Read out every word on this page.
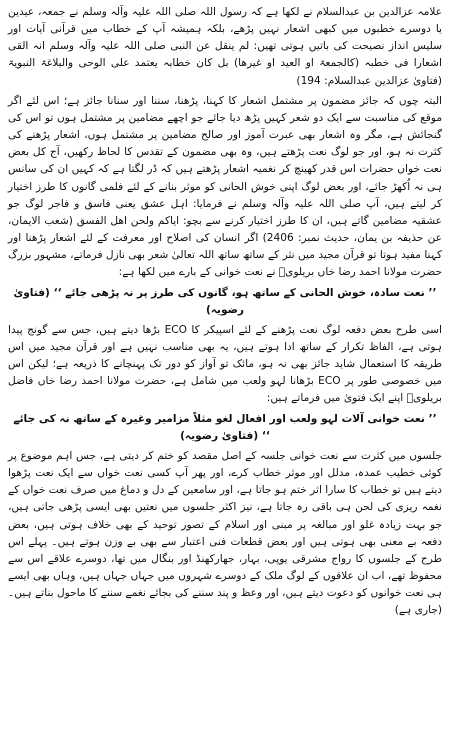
علامہ عزالدین بن عبدالسلام نے لکھا ہے کہ رسول اللہ صلی اللہ علیہ وآلہ وسلم نے جمعہ، عیدین یا دوسرے خطبوں میں کبھی اشعار نہیں پڑھے، بلکہ ہمیشہ آپ کے خطاب میں قرآنی آیات اور سلیس انداز نصیحت کی باتیں ہوتی تھیں: لم ینقل عن النبی صلی اللہ علیہ وآلہ وسلم انہ القی اشعارا فی خطبہ (کالجمعۃ او العید او غیرھا) بل کان خطابہ یعتمد علی الوحی والبلاغۃ النبویۃ (فتاویٰ عزالدین عبدالسلام: 194)

البتہ چوں کہ جائز مضمون پر مشتمل اشعار کا کہنا، پڑھنا، سننا اور سنانا جائز ہے؛ اس لئے اگر موقع کی مناسبت سے ایک دو شعر کہیں پڑھ دیا جائے جو اچھے مضامین پر مشتمل ہوں تو اس کی گنجائش ہے، مگر وہ اشعار بھی عبرت آموز اور صالح مضامین پر مشتمل ہوں، اشعار پڑھنے کی کثرت نہ ہو، اور جو لوگ نعت پڑھتے ہیں، وہ بھی مضمون کے تقدس کا لحاظ رکھیں، آج کل بعض نعت خواں حضرات اس قدر کھینچ کر نغمیہ اشعار پڑھتے ہیں کہ ڈر لگتا ہے کہ کہیں ان کی سانس ہی نہ اُکھڑ جائے، اور بعض لوگ اپنی خوش الحانی کو موثر بنانے کے لئے فلمی گانوں کا طرز اختیار کر لیتے ہیں، آپ صلی اللہ علیہ وآلہ وسلم نے فرمایا: اہل عشق یعنی فاسق و فاجر لوگ جو عشقیہ مضامین گاتے ہیں، ان کا طرز اختیار کرنے سے بچو: ایاکم ولحن اھل الفسق (شعب الایمان، عن حذیفہ بن یمان، حدیث نمبر: 2406) اگر انسان کی اصلاح اور معرفت کے لئے اشعار پڑھنا اور کہنا مفید ہوتا تو قرآن مجید میں نثر کے ساتھ ساتھ اللہ تعالیٰ شعر بھی نازل فرماتے، مشہور بزرگ حضرت مولانا احمد رضا خاں بریلویؒ نے نعت خوانی کے بارے میں لکھا ہے:

’’ نعت سادہ، خوش الحانی کے ساتھ ہو، گانوں کی طرز پر نہ پڑھی جائے ‘‘ (فتاویٰ رضویہ)

اسی طرح بعض دفعہ لوگ نعت پڑھنے کے لئے اسپیکر کا ECO بڑھا دیتے ہیں، جس سے گونج پیدا ہوتی ہے، الفاظ تکرار کے ساتھ ادا ہوتے ہیں، یہ بھی مناسب نہیں ہے اور قرآن مجید میں اس طریقہ کا استعمال شاید جائز بھی نہ ہو، مائک تو آواز کو دور تک پہنچانے کا ذریعہ ہے؛ لیکن اس میں خصوصی طور پر ECO بڑھانا لہو ولعب میں شامل ہے، حضرت مولانا احمد رضا خاں فاضل بریلویؒ اپنے ایک فتویٰ میں فرماتے ہیں:

’’ نعت خوانی آلات لہو ولعب اور افعال لغو مثلاً مزامیر وغیرہ کے ساتھ نہ کی جائے ‘‘ (فتاویٰ رضویہ)

جلسوں میں کثرت سے نعت خوانی جلسہ کے اصل مقصد کو ختم کر دیتی ہے، جس اہم موضوع پر کوئی خطیب عمدہ، مدلل اور موثر خطاب کرے، اور پھر آپ کسی نعت خواں سے ایک نعت پڑھوا دیتے ہیں تو خطاب کا سارا اثر ختم ہو جاتا ہے، اور سامعین کے دل و دماغ میں صرف نعت خواں کے نغمہ ریزی کی لحن ہی باقی رہ جاتا ہے، نیز اکثر جلسوں میں نعتیں بھی ایسی پڑھی جاتی ہیں، جو بہت زیادہ غلو اور مبالغہ پر مبنی اور اسلام کے تصور توحید کے بھی خلاف ہوتی ہیں، بعض دفعہ بے معنی بھی ہوتی ہیں اور بعض قطعات فنی اعتبار سے بھی بے وزن ہوتے ہیں۔ پہلے اس طرح کے جلسوں کا رواج مشرقی یوپی، بہار، جھارکھنڈ اور بنگال میں تھا، دوسرے علاقے اس سے محفوظ تھے، اب ان علاقوں کے لوگ ملک کے دوسرے شہروں میں جہاں جہاں ہیں، وہاں بھی ایسے ہی نعت خوانوں کو دعوت دیتے ہیں، اور وعظ و پند سننے کی بجائے نغمے سننے کا ماحول بناتے ہیں۔ (جاری ہے)
